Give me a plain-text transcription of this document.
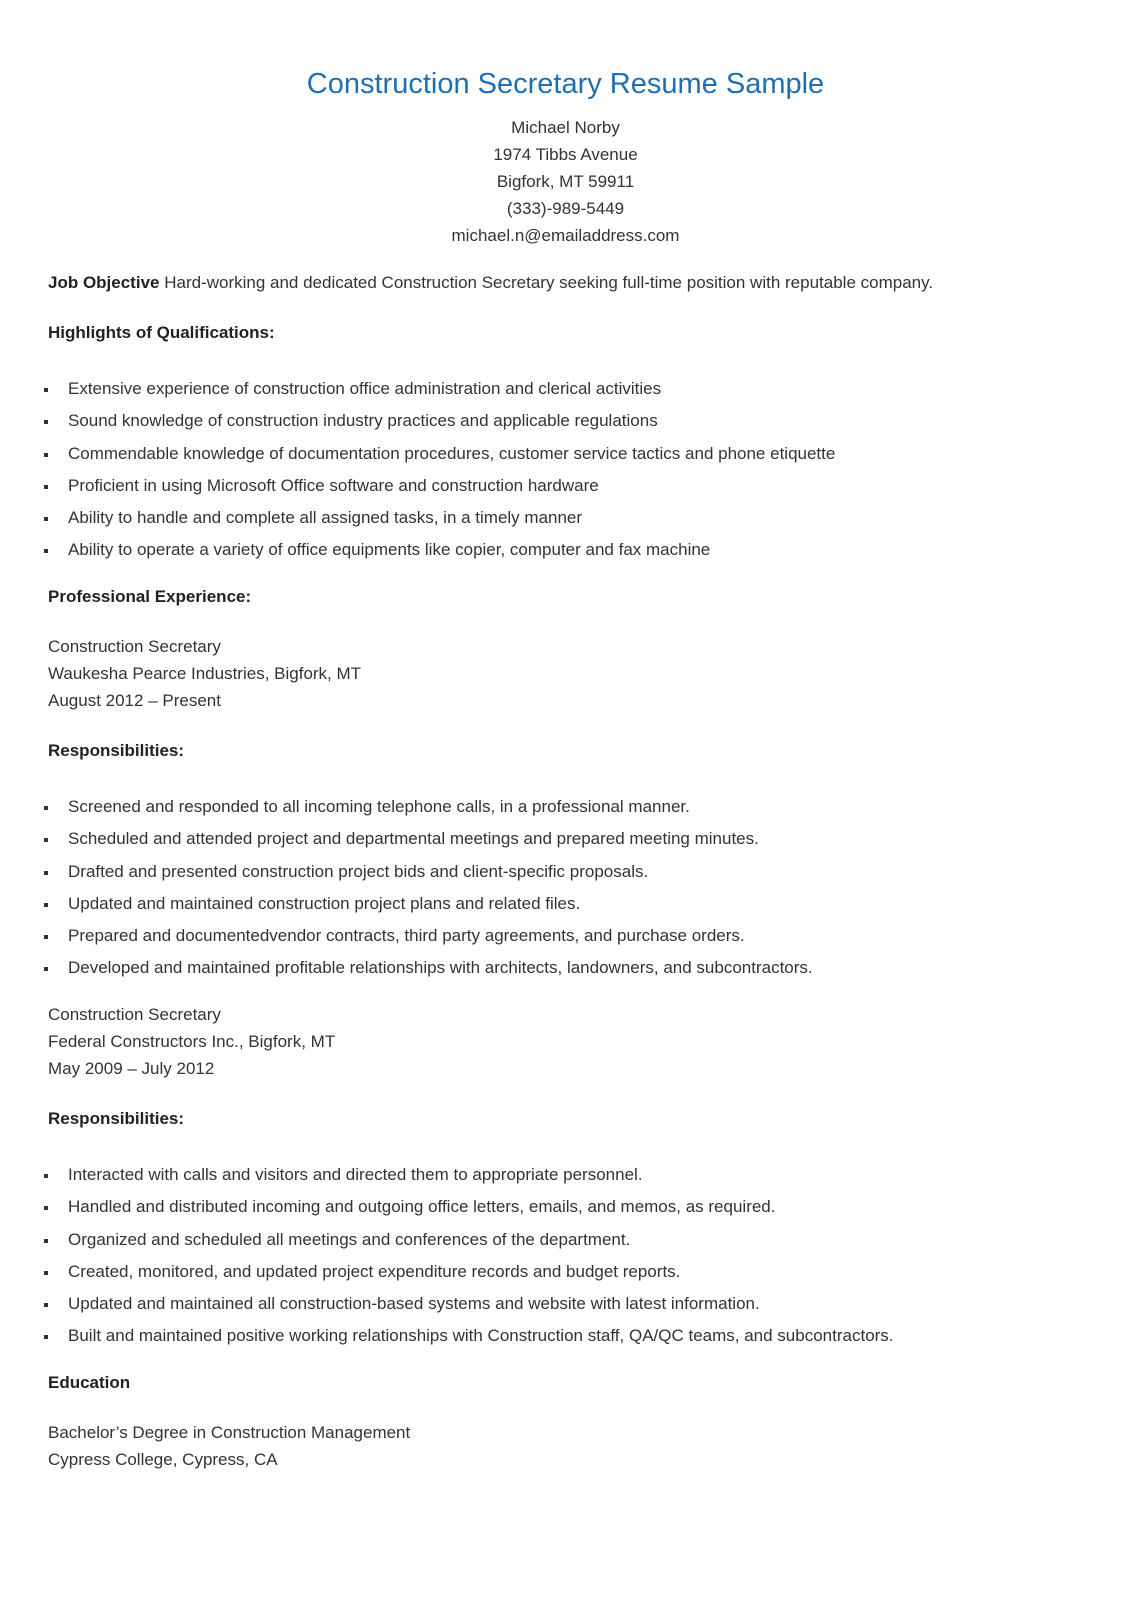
Construction Secretary Resume Sample
Michael Norby
1974 Tibbs Avenue
Bigfork, MT 59911
(333)-989-5449
michael.n@emailaddress.com
Job Objective Hard-working and dedicated Construction Secretary seeking full-time position with reputable company.
Highlights of Qualifications:
Extensive experience of construction office administration and clerical activities
Sound knowledge of construction industry practices and applicable regulations
Commendable knowledge of documentation procedures, customer service tactics and phone etiquette
Proficient in using Microsoft Office software and construction hardware
Ability to handle and complete all assigned tasks, in a timely manner
Ability to operate a variety of office equipments like copier, computer and fax machine
Professional Experience:
Construction Secretary
Waukesha Pearce Industries, Bigfork, MT
August 2012 – Present
Responsibilities:
Screened and responded to all incoming telephone calls, in a professional manner.
Scheduled and attended project and departmental meetings and prepared meeting minutes.
Drafted and presented construction project bids and client-specific proposals.
Updated and maintained construction project plans and related files.
Prepared and documentedvendor contracts, third party agreements, and purchase orders.
Developed and maintained profitable relationships with architects, landowners, and subcontractors.
Construction Secretary
Federal Constructors Inc., Bigfork, MT
May 2009 – July 2012
Responsibilities:
Interacted with calls and visitors and directed them to appropriate personnel.
Handled and distributed incoming and outgoing office letters, emails, and memos, as required.
Organized and scheduled all meetings and conferences of the department.
Created, monitored, and updated project expenditure records and budget reports.
Updated and maintained all construction-based systems and website with latest information.
Built and maintained positive working relationships with Construction staff, QA/QC teams, and subcontractors.
Education
Bachelor’s Degree in Construction Management
Cypress College, Cypress, CA
